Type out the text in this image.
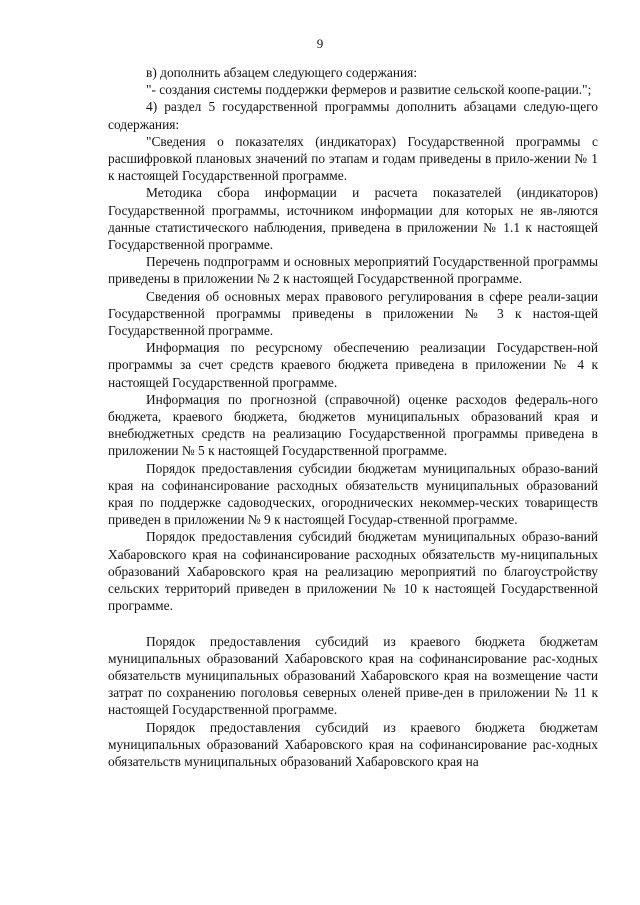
9

в) дополнить абзацем следующего содержания:

"- создания системы поддержки фермеров и развитие сельской коопе-рации.";

4) раздел 5 государственной программы дополнить абзацами следую-щего содержания:

"Сведения о показателях (индикаторах) Государственной программы с расшифровкой плановых значений по этапам и годам приведены в прило-жении № 1 к настоящей Государственной программе.

Методика сбора информации и расчета показателей (индикаторов) Государственной программы, источником информации для которых не яв-ляются данные статистического наблюдения, приведена в приложении № 1.1 к настоящей Государственной программе.

Перечень подпрограмм и основных мероприятий Государственной программы приведены в приложении № 2 к настоящей Государственной программе.

Сведения об основных мерах правового регулирования в сфере реали-зации Государственной программы приведены в приложении № 3 к настоя-щей Государственной программе.

Информация по ресурсному обеспечению реализации Государствен-ной программы за счет средств краевого бюджета приведена в приложении № 4 к настоящей Государственной программе.

Информация по прогнозной (справочной) оценке расходов федераль-ного бюджета, краевого бюджета, бюджетов муниципальных образований края и внебюджетных средств на реализацию Государственной программы приведена в приложении № 5 к настоящей Государственной программе.

Порядок предоставления субсидии бюджетам муниципальных образо-ваний края на софинансирование расходных обязательств муниципальных образований края по поддержке садоводческих, огороднических некоммер-ческих товариществ приведен в приложении № 9 к настоящей Государ-ственной программе.

Порядок предоставления субсидий бюджетам муниципальных образо-ваний Хабаровского края на софинансирование расходных обязательств му-ниципальных образований Хабаровского края на реализацию мероприятий по благоустройству сельских территорий приведен в приложении № 10 к настоящей Государственной программе.

Порядок предоставления субсидий из краевого бюджета бюджетам муниципальных образований Хабаровского края на софинансирование рас-ходных обязательств муниципальных образований Хабаровского края на возмещение части затрат по сохранению поголовья северных оленей приве-ден в приложении № 11 к настоящей Государственной программе.

Порядок предоставления субсидий из краевого бюджета бюджетам муниципальных образований Хабаровского края на софинансирование рас-ходных обязательств муниципальных образований Хабаровского края на
